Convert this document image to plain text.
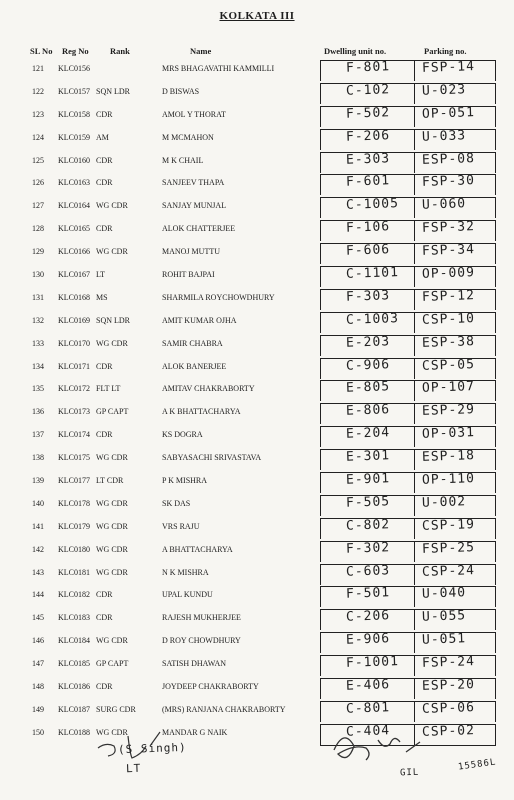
KOLKATA III
SL No Reg No	Rank	Name	Dwelling unit no.	Parking no.
121 KLC0156	MRS BHAGAVATHI KAMMILLI	F-801 FSP-14
122 KLC0157 SQN LDR	D BISWAS	C-102 U-023
123 KLC0158 CDR	AMOL Y THORAT	F-502 OP-051
124 KLC0159 AM	M MCMAHON	F-206 U-033
125 KLC0160 CDR	M K CHAIL	E-303 ESP-08
126 KLC0163 CDR	SANJEEV THAPA	F-601 FSP-30
127 KLC0164 WG CDR	SANJAY MUNJAL	C-1005 U-060
128 KLC0165 CDR	ALOK CHATTERJEE	F-106 FSP-32
129 KLC0166 WG CDR	MANOJ MUTTU	F-606 FSP-34
130 KLC0167 LT	ROHIT BAJPAI	C-1101 OP-009
131 KLC0168 MS	SHARMILA ROYCHOWDHURY	F-303 FSP-12
132 KLC0169 SQN LDR	AMIT KUMAR OJHA	C-1003 CSP-10
133 KLC0170 WG CDR	SAMIR CHABRA	E-203 ESP-38
134 KLC0171 CDR	ALOK BANERJEE	C-906 CSP-05
135 KLC0172 FLT LT	AMITAV CHAKRABORTY	E-805 OP-107
136 KLC0173 GP CAPT	A K BHATTACHARYA	E-806 ESP-29
137 KLC0174 CDR	KS DOGRA	E-204 OP-031
138 KLC0175 WG CDR	SABYASACHI SRIVASTAVA	E-301 ESP-18
139 KLC0177 LT CDR	P K MISHRA	E-901 OP-110
140 KLC0178 WG CDR	SK DAS	F-505 U-002
141 KLC0179 WG CDR	VRS RAJU	C-802 CSP-19
142 KLC0180 WG CDR	A BHATTACHARYA	F-302 FSP-25
143 KLC0181 WG CDR	N K MISHRA	C-603 CSP-24
144 KLC0182 CDR	UPAL KUNDU	F-501 U-040
145 KLC0183 CDR	RAJESH MUKHERJEE	C-206 U-055
146 KLC0184 WG CDR	D ROY CHOWDHURY	E-906 U-051
147 KLC0185 GP CAPT	SATISH DHAWAN	F-1001 FSP-24
148 KLC0186 CDR	JOYDEEP CHAKRABORTY	E-406 ESP-20
149 KLC0187 SURG CDR	(MRS) RANJANA CHAKRABORTY	C-801 CSP-06
150 KLC0188 WG CDR	MANDAR G NAIK	C-404 CSP-02
(S Singh)
LT	GIL
15586L
